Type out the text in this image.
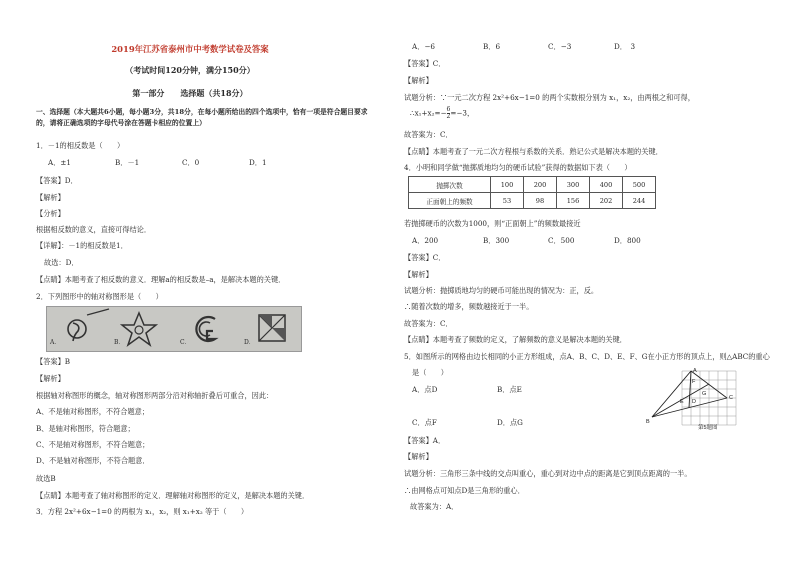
2019年江苏省泰州市中考数学试卷及答案
（考试时间120分钟，满分150分）
第一部分　　选择题（共18分）
一、选择题（本大题共6小题，每小题3分，共18分，在每小题所给出的四个选项中，恰有一项是符合题目要求
的，请将正确选项的字母代号涂在答题卡相应的位置上）
1．－1的相反数是（　　）
A．±1	B．－1	C．0	D．1
【答案】D．
【解析】
【分析】
根据相反数的意义，直接可得结论．
【详解】：－1的相反数是1．
故选：D．
【点睛】本题考查了相反数的意义．理解a的相反数是–a，是解决本题的关键．
2．下列图形中的轴对称图形是（　　）
A．	B．	C．	D．
【答案】B
【解析】
根据轴对称图形的概念，轴对称图形两部分沿对称轴折叠后可重合，因此：
A、不是轴对称图形，不符合题意；
B、是轴对称图形，符合题意；
C、不是轴对称图形，不符合题意；
D、不是轴对称图形，不符合题意．
故选B
【点睛】本题考查了轴对称图形的定义．理解轴对称图形的定义，是解决本题的关键．
3．方程 2x²+6x−1=0 的两根为 x₁，x₂，则 x₁+x₂ 等于（　　）
A．−6	B．6	C．−3	D．　3
【答案】C．
【解析】
试题分析：∵一元二次方程 2x²+6x−1=0 的两个实数根分别为 x₁，x₂，由两根之和可得，
∴x₁+x₂=− $\frac{6}{2} =-3$，
故答案为：C．
【点睛】本题考查了一元二次方程根与系数的关系．熟记公式是解决本题的关键．
4．小明和同学做“抛掷质地均匀的硬币试验”获得的数据如下表（　　）
抛掷次数	100	200	300	400	500
正面朝上的频数	53	98	156	202	244
若抛掷硬币的次数为1000，则“正面朝上”的频数最接近
A．200	B．300	C．500	D．800
【答案】C．
【解析】
试题分析：抛掷质地均匀的硬币可能出现的情况为：正，反。
∴随着次数的增多，频数越接近于一半。
故答案为：C．
【点睛】本题考查了频数的定义，了解频数的意义是解决本题的关键．
5．如图所示的网格由边长相同的小正方形组成，点A、B、C、D、E、F、G在小正方形的顶点上，则△ABC的重心
是（　　）
A．点D	B．点E
C．点F	D．点G
A
B
C
D
E
F
G
第5题图
【答案】A．
【解析】
试题分析：三角形三条中线的交点叫重心，重心到对边中点的距离是它到顶点距离的一半。
∴由网格点可知点D是三角形的重心．
故答案为：A．
